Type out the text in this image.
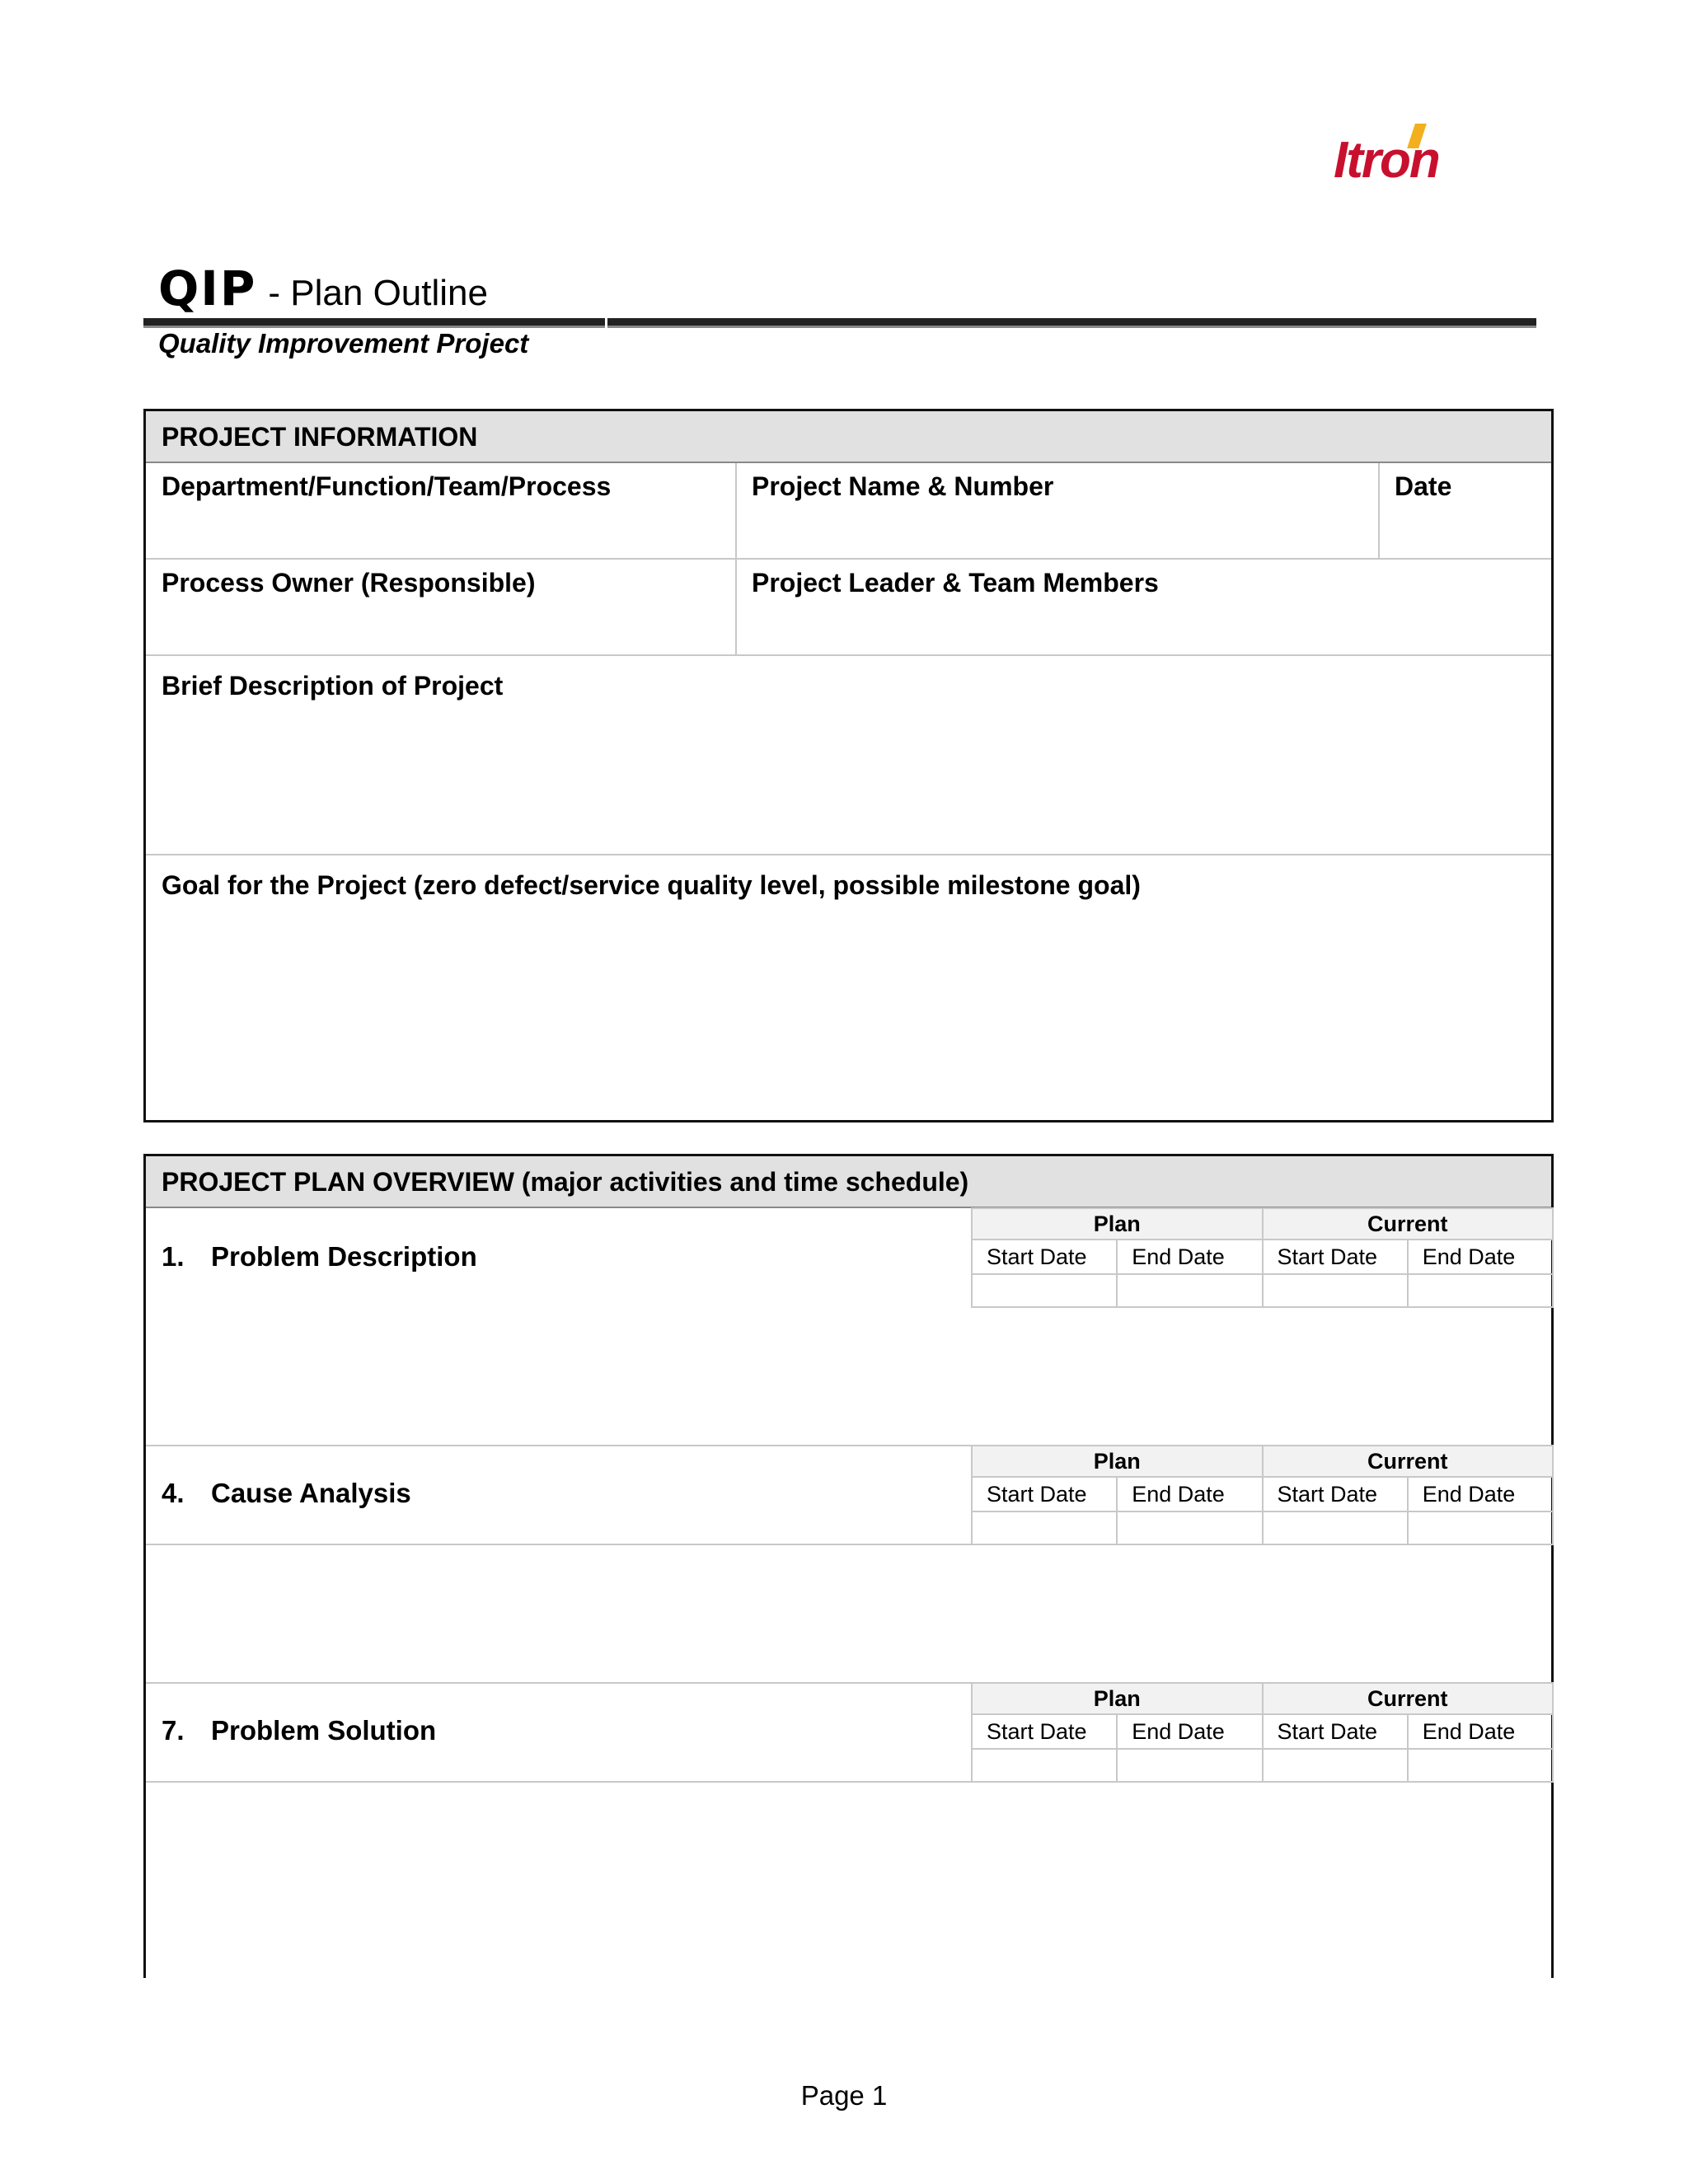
Itron
QIP - Plan Outline
Quality Improvement Project
PROJECT INFORMATION
Department/Function/Team/Process	Project Name & Number	Date
Process Owner (Responsible)	Project Leader & Team Members
Brief Description of Project
Goal for the Project (zero defect/service quality level, possible milestone goal)
PROJECT PLAN OVERVIEW (major activities and time schedule)
1. Problem Description
Plan		Current	
Start Date	End Date	Start Date	End Date

4. Cause Analysis
Plan		Current	
Start Date	End Date	Start Date	End Date

7. Problem Solution
Plan		Current	
Start Date	End Date	Start Date	End Date

Page 1
